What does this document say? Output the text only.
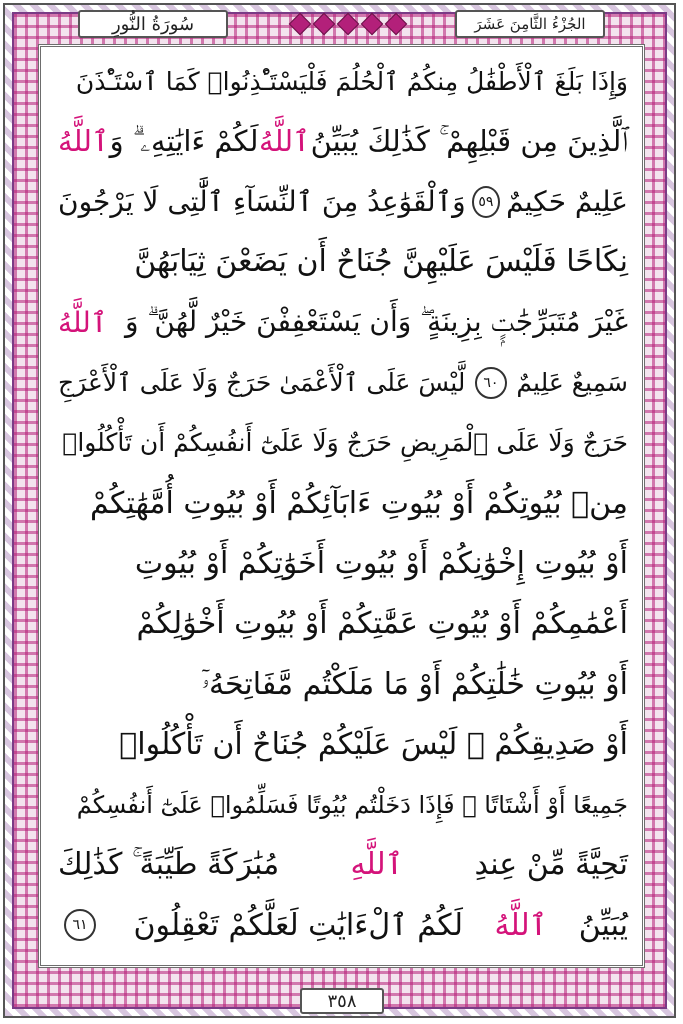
سُورَةُ النُّورِ	الجُزْءُ الثَّامِنَ عَشَرَ
وَإِذَا بَلَغَ ٱلْأَطْفَٰلُ مِنكُمُ ٱلْحُلُمَ فَلْيَسْتَـْٔذِنُوا۟ كَمَا ٱسْتَـْٔذَنَ
ٱلَّذِينَ مِن قَبْلِهِمْ ۚ كَذَٰلِكَ يُبَيِّنُ
ٱللَّهُ
لَكُمْ ءَايَٰتِهِۦ ۗ وَ
ٱللَّهُ
عَلِيمٌ حَكِيمٌ
٥٩
وَٱلْقَوَٰعِدُ مِنَ ٱلنِّسَآءِ ٱلَّٰتِى لَا يَرْجُونَ
نِكَاحًا فَلَيْسَ عَلَيْهِنَّ جُنَاحٌ أَن يَضَعْنَ ثِيَابَهُنَّ
غَيْرَ مُتَبَرِّجَٰتٍۭ بِزِينَةٍ ۖ وَأَن يَسْتَعْفِفْنَ خَيْرٌ لَّهُنَّ ۗ وَ
ٱللَّهُ
سَمِيعٌ عَلِيمٌ
٦٠
لَّيْسَ عَلَى ٱلْأَعْمَىٰ حَرَجٌ وَلَا عَلَى ٱلْأَعْرَجِ
حَرَجٌ وَلَا عَلَى ٱلْمَرِيضِ حَرَجٌ وَلَا عَلَىٰٓ أَنفُسِكُمْ أَن تَأْكُلُوا۟
مِنۢ بُيُوتِكُمْ أَوْ بُيُوتِ ءَابَآئِكُمْ أَوْ بُيُوتِ أُمَّهَٰتِكُمْ
أَوْ بُيُوتِ إِخْوَٰنِكُمْ أَوْ بُيُوتِ أَخَوَٰتِكُمْ أَوْ بُيُوتِ
أَعْمَٰمِكُمْ أَوْ بُيُوتِ عَمَّٰتِكُمْ أَوْ بُيُوتِ أَخْوَٰلِكُمْ
أَوْ بُيُوتِ خَٰلَٰتِكُمْ أَوْ مَا مَلَكْتُم مَّفَاتِحَهُۥٓ
أَوْ صَدِيقِكُمْ ۚ لَيْسَ عَلَيْكُمْ جُنَاحٌ أَن تَأْكُلُوا۟
جَمِيعًا أَوْ أَشْتَاتًا ۚ فَإِذَا دَخَلْتُم بُيُوتًا فَسَلِّمُوا۟ عَلَىٰٓ أَنفُسِكُمْ
تَحِيَّةً مِّنْ عِندِ
ٱللَّهِ
مُبَٰرَكَةً طَيِّبَةً ۚ كَذَٰلِكَ
يُبَيِّنُ
ٱللَّهُ
لَكُمُ ٱلْءَايَٰتِ لَعَلَّكُمْ تَعْقِلُونَ
٦١
٣٥٨
